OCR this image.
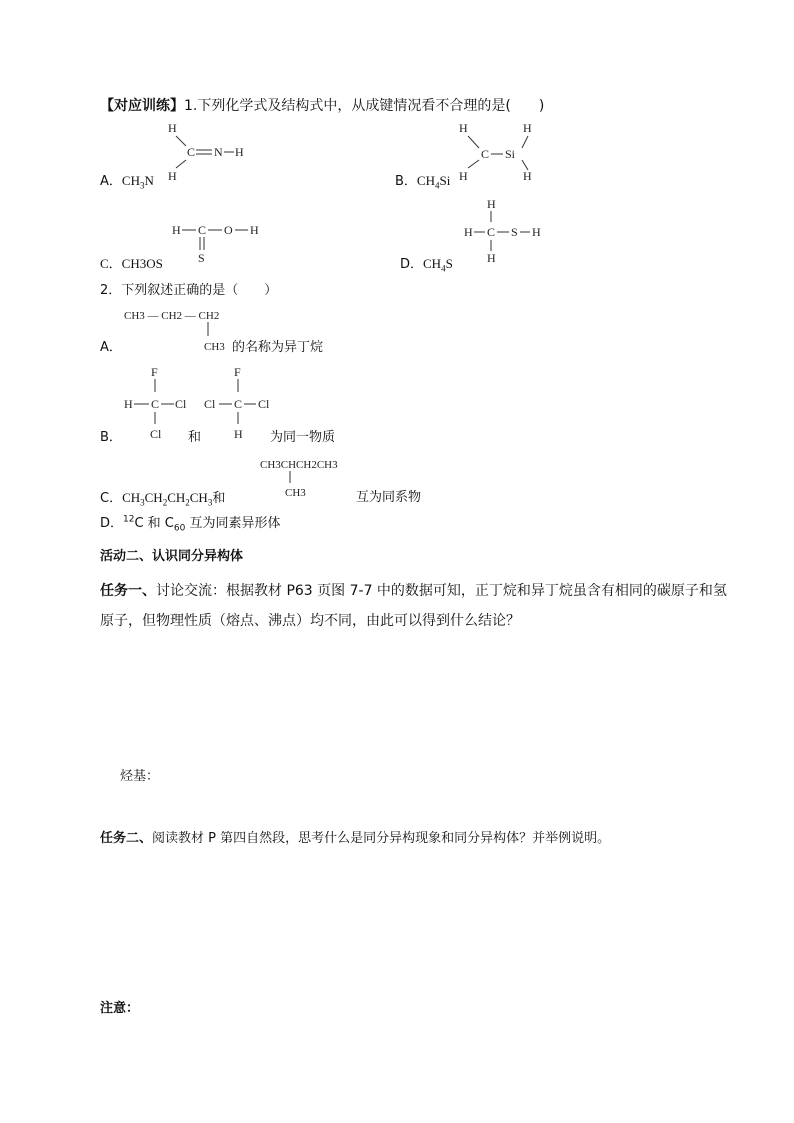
【对应训练】1.下列化学式及结构式中，从成键情况看不合理的是(　　)
H
C N H
H
A．$CH_3N$
H	H
C Si
H	H
B．$CH_4Si$
H C O H
S
C．CH3OS
H
H C S H
H
D．$CH_4S$
2．下列叙述正确的是（　　）
CH3 — CH2 — CH2
CH3
A．	的名称为异丁烷
F
H C Cl
Cl
F
Cl C Cl
H
B．	和	为同一物质
CH3CHCH2CH3
CH3
C．$CH_3CH_2CH_2CH_3$和	互为同系物
D．$^{12}$C 和 $C_{60}$ 互为同素异形体
活动二、认识同分异构体
任务一、讨论交流：根据教材 P63 页图 7-7 中的数据可知，正丁烷和异丁烷虽含有相同的碳原子和氢
原子，但物理性质（熔点、沸点）均不同，由此可以得到什么结论？
烃基：
任务二、阅读教材 P 第四自然段，思考什么是同分异构现象和同分异构体？并举例说明。
注意：
